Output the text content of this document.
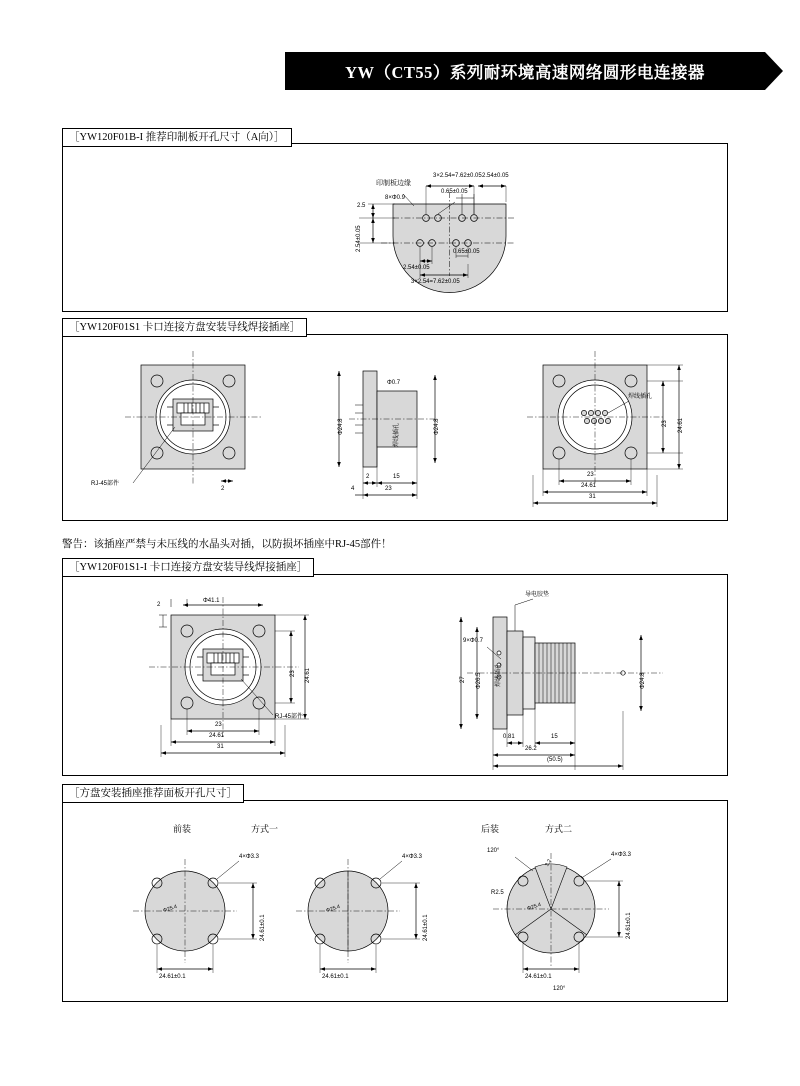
YW（CT55）系列耐环境高速网络圆形电连接器
［YW120F01B-I 推荐印制板开孔尺寸（A向）］
印制板边缘
8×Φ0.9
3×2.54=7.62±0.05 2.54±0.05
0.65±0.05
2.5
2.54±0.05
2.54±0.05
0.65±0.05
3×2.54=7.62±0.05
［YW120F01S1 卡口连接方盘安装导线焊接插座］
RJ-45部件
2
Φ24.8	Φ24.8
Φ0.7
焊线插孔
2	15
4	23
23 24.61
焊线插孔
23
24.61
31
警告：该插座严禁与未压线的水晶头对插，以防损坏插座中RJ-45部件！
［YW120F01S1-I 卡口连接方盘安装导线焊接插座］
Φ41.1
2
23 24.61
23
24.61
31
RJ-45部件
导电胶垫
27 Φ26.5	Φ24.8
9×Φ0.7
焊线插孔
0.81	15
26.2
(50.5)
［方盘安装插座推荐面板开孔尺寸］
前装	方式一	后装	方式二
4×Φ3.3	4×Φ3.3	4×Φ3.3
Φ25.4	Φ25.4	Φ25.4
24.61±0.1	24.61±0.1	24.61±0.1
24.61±0.1	24.61±0.1	24.61±0.1
120°
120°
R2.5
3.2
